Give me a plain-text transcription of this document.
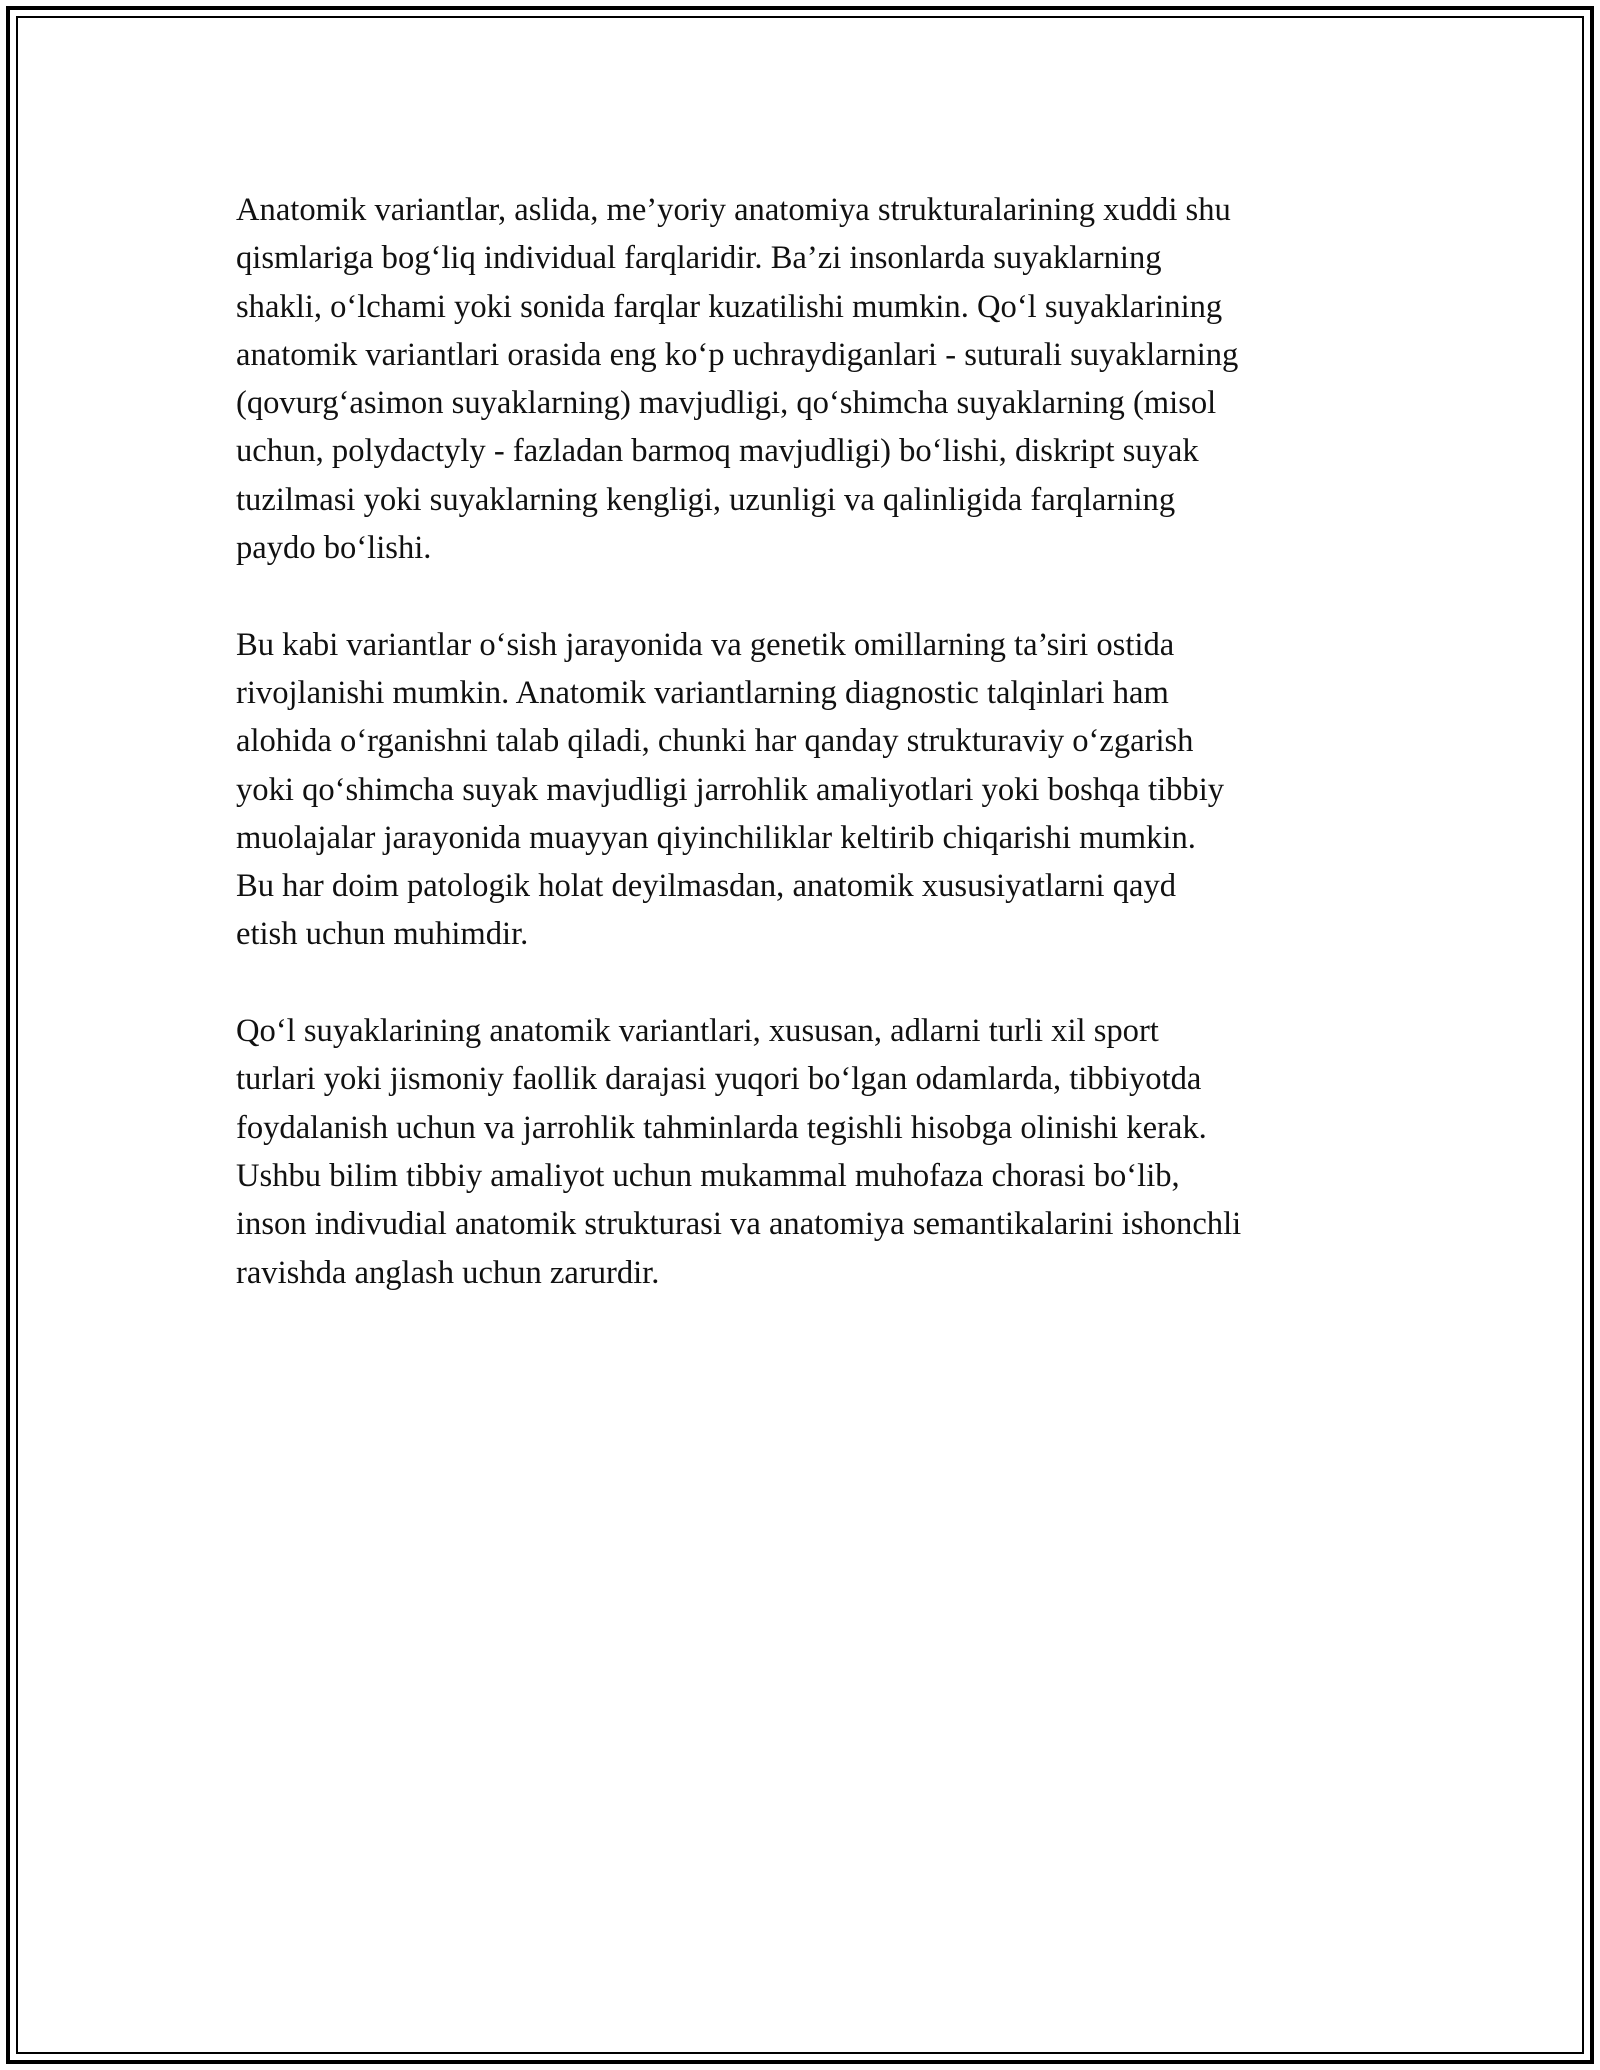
Anatomik variantlar, aslida, me’yoriy anatomiya strukturalarining xuddi shu
qismlariga bog‘liq individual farqlaridir. Ba’zi insonlarda suyaklarning
shakli, o‘lchami yoki sonida farqlar kuzatilishi mumkin. Qo‘l suyaklarining
anatomik variantlari orasida eng ko‘p uchraydiganlari - suturali suyaklarning
(qovurg‘asimon suyaklarning) mavjudligi, qo‘shimcha suyaklarning (misol
uchun, polydactyly - fazladan barmoq mavjudligi) bo‘lishi, diskript suyak
tuzilmasi yoki suyaklarning kengligi, uzunligi va qalinligida farqlarning
paydo bo‘lishi.

Bu kabi variantlar o‘sish jarayonida va genetik omillarning ta’siri ostida
rivojlanishi mumkin. Anatomik variantlarning diagnostic talqinlari ham
alohida o‘rganishni talab qiladi, chunki har qanday strukturaviy o‘zgarish
yoki qo‘shimcha suyak mavjudligi jarrohlik amaliyotlari yoki boshqa tibbiy
muolajalar jarayonida muayyan qiyinchiliklar keltirib chiqarishi mumkin.
Bu har doim patologik holat deyilmasdan, anatomik xususiyatlarni qayd
etish uchun muhimdir.

Qo‘l suyaklarining anatomik variantlari, xususan, adlarni turli xil sport
turlari yoki jismoniy faollik darajasi yuqori bo‘lgan odamlarda, tibbiyotda
foydalanish uchun va jarrohlik tahminlarda tegishli hisobga olinishi kerak.
Ushbu bilim tibbiy amaliyot uchun mukammal muhofaza chorasi bo‘lib,
inson indivudial anatomik strukturasi va anatomiya semantikalarini ishonchli
ravishda anglash uchun zarurdir.
